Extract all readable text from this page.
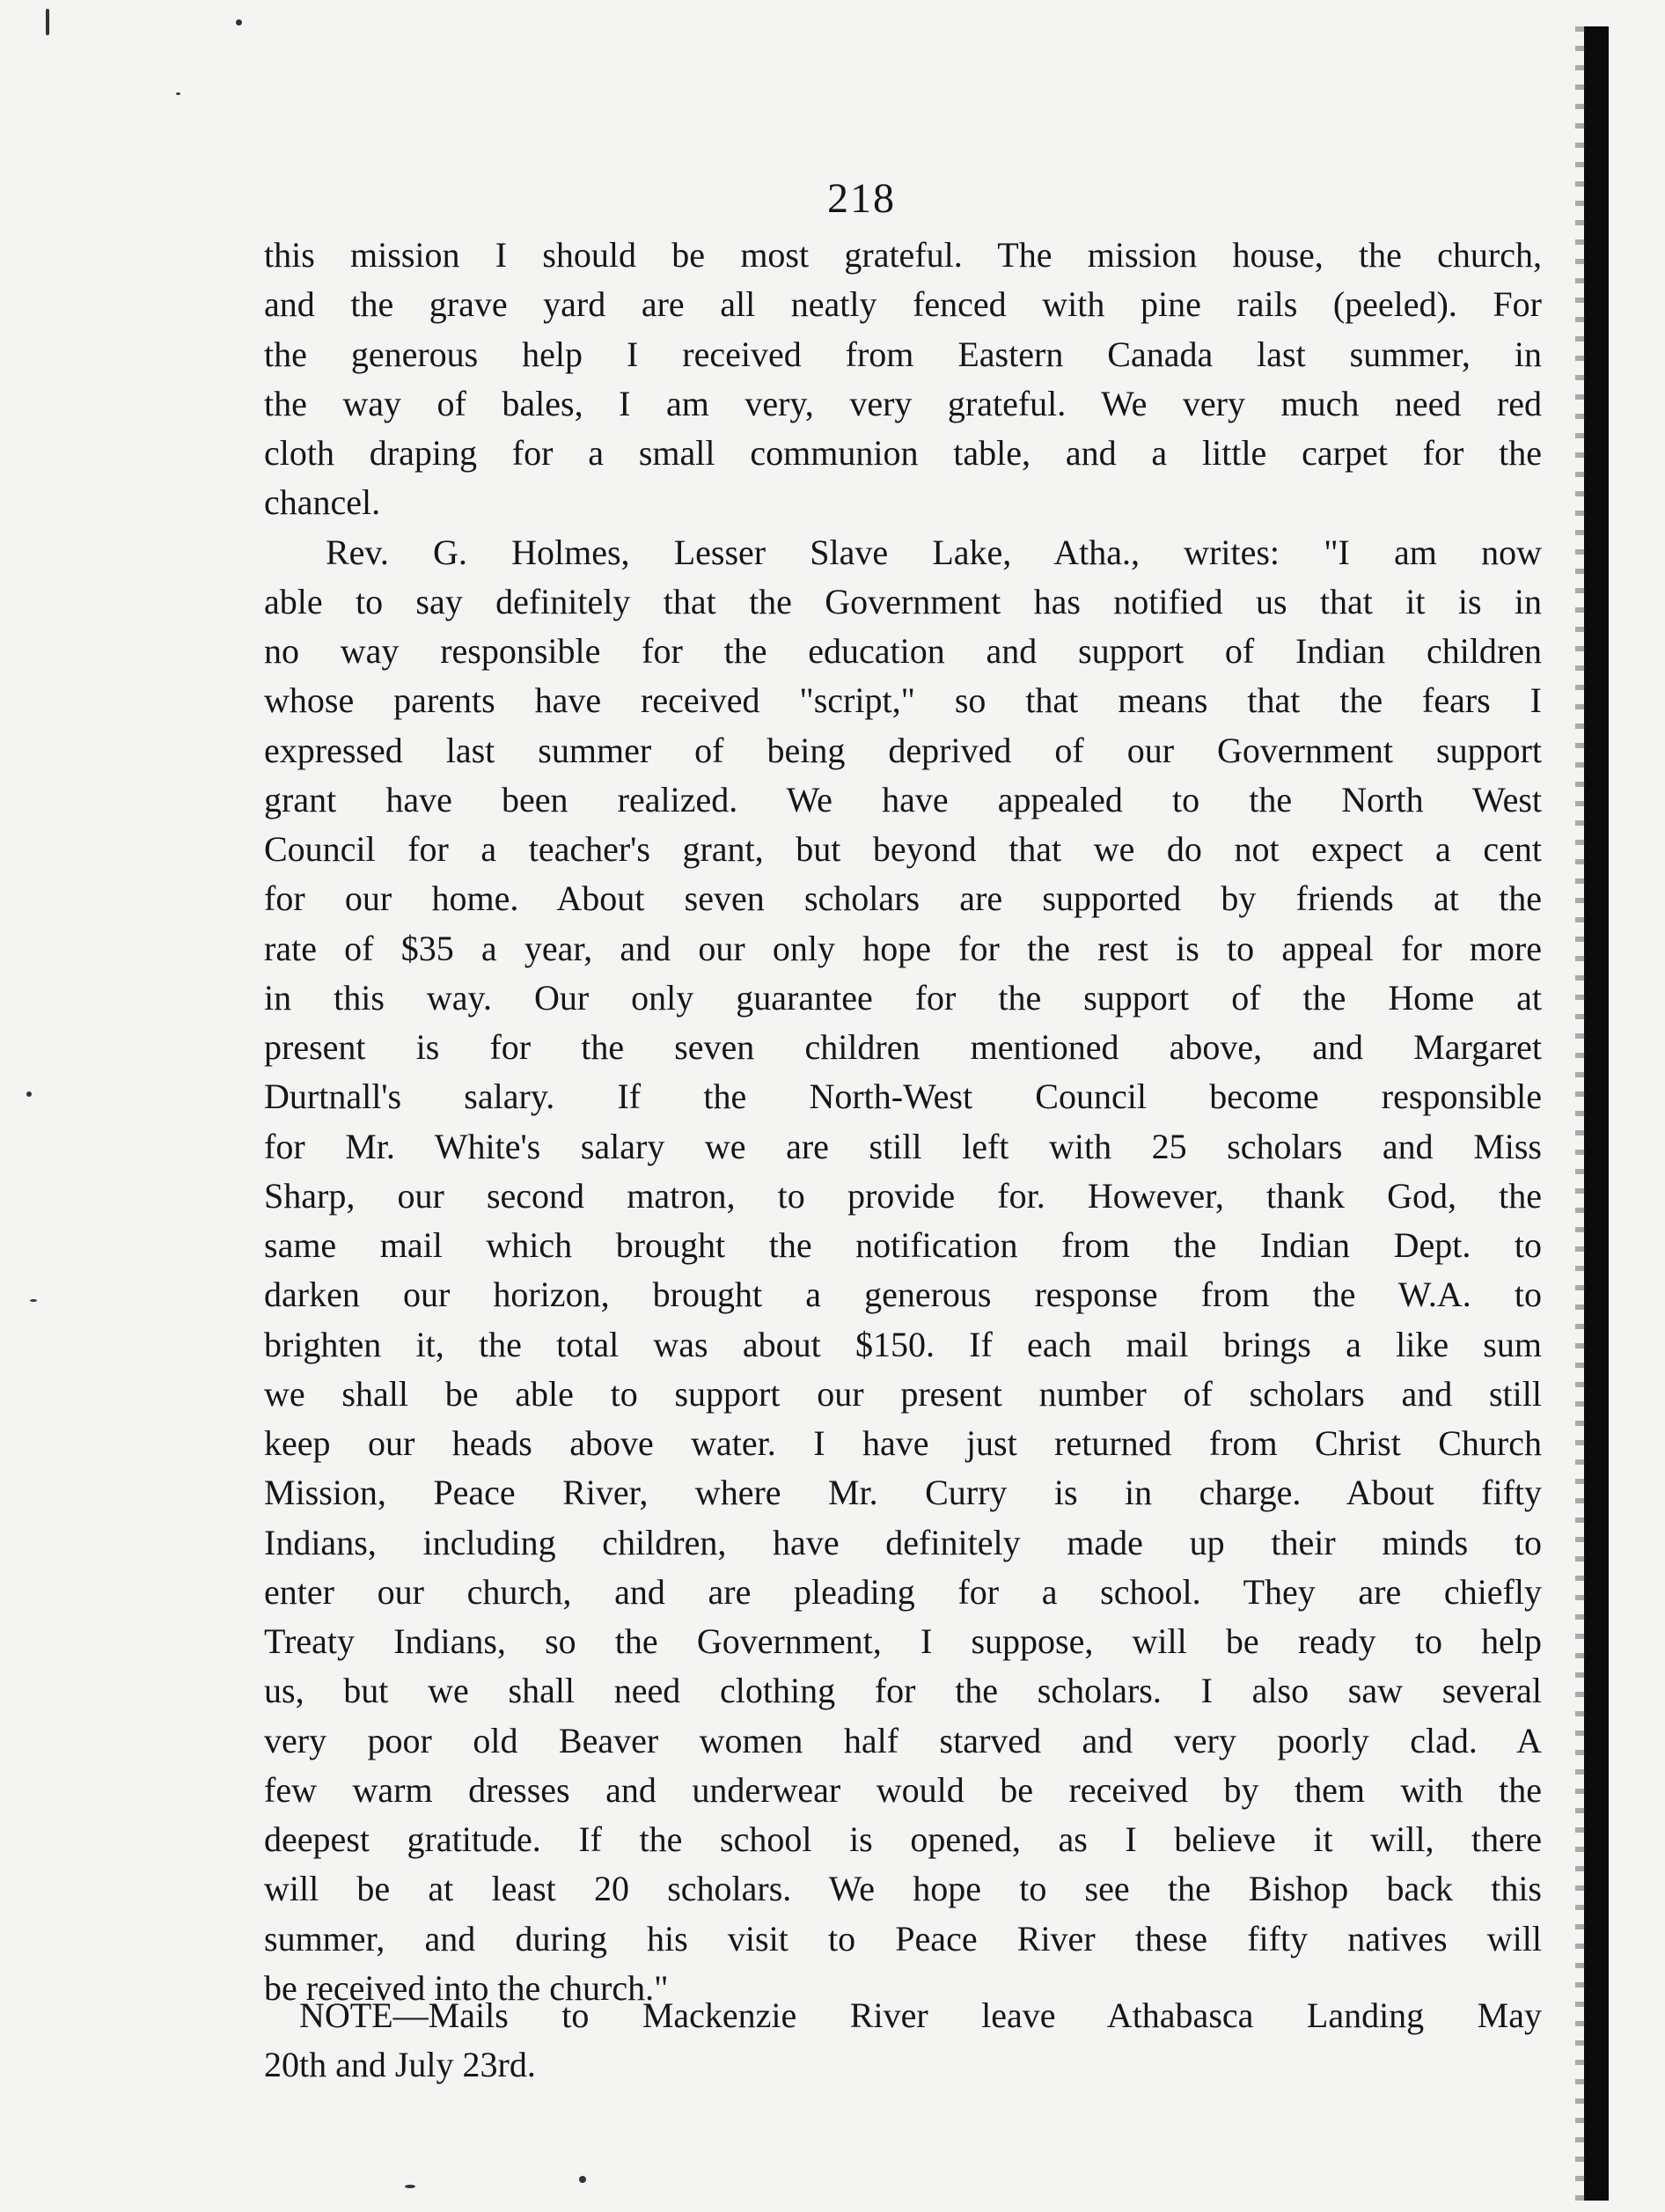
218
this mission I should be most grateful. The mission house, the church,
and the grave yard are all neatly fenced with pine rails (peeled). For
the generous help I received from Eastern Canada last summer, in
the way of bales, I am very, very grateful. We very much need red
cloth draping for a small communion table, and a little carpet for the
chancel.
Rev. G. Holmes, Lesser Slave Lake, Atha., writes: "I am now
able to say definitely that the Government has notified us that it is in
no way responsible for the education and support of Indian children
whose parents have received "script," so that means that the fears I
expressed last summer of being deprived of our Government support
grant have been realized. We have appealed to the North West
Council for a teacher's grant, but beyond that we do not expect a cent
for our home. About seven scholars are supported by friends at the
rate of $35 a year, and our only hope for the rest is to appeal for more
in this way. Our only guarantee for the support of the Home at
present is for the seven children mentioned above, and Margaret
Durtnall's salary. If the North-West Council become responsible
for Mr. White's salary we are still left with 25 scholars and Miss
Sharp, our second matron, to provide for. However, thank God, the
same mail which brought the notification from the Indian Dept. to
darken our horizon, brought a generous response from the W.A. to
brighten it, the total was about $150. If each mail brings a like sum
we shall be able to support our present number of scholars and still
keep our heads above water. I have just returned from Christ Church
Mission, Peace River, where Mr. Curry is in charge. About fifty
Indians, including children, have definitely made up their minds to
enter our church, and are pleading for a school. They are chiefly
Treaty Indians, so the Government, I suppose, will be ready to help
us, but we shall need clothing for the scholars. I also saw several
very poor old Beaver women half starved and very poorly clad. A
few warm dresses and underwear would be received by them with the
deepest gratitude. If the school is opened, as I believe it will, there
will be at least 20 scholars. We hope to see the Bishop back this
summer, and during his visit to Peace River these fifty natives will
be received into the church."
NOTE—Mails to Mackenzie River leave Athabasca Landing May
20th and July 23rd.
